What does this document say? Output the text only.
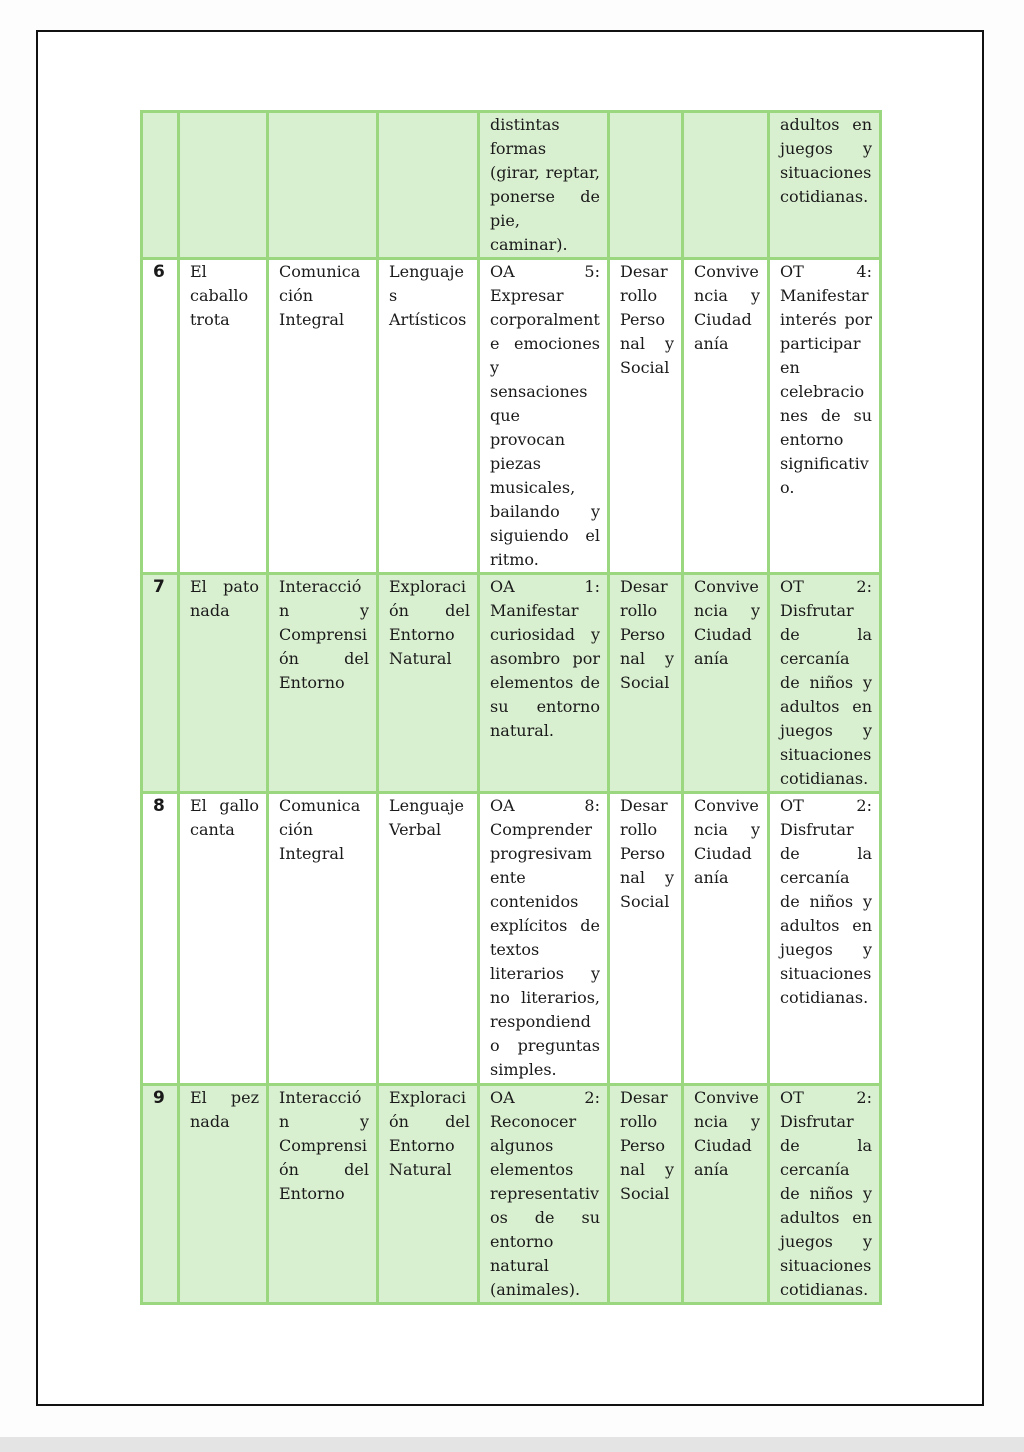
				distintas formas (girar, reptar, ponerse de pie, caminar).			adultos en juegos y situaciones cotidianas.
6	El caballo trota	Comunicación Integral	Lenguajes Artísticos	OA 5: Expresar corporalmente emociones y sensaciones que provocan piezas musicales, bailando y siguiendo el ritmo.	Desarrollo Personal y Social	Convivencia y Ciudadanía	OT 4: Manifestar interés por participar en celebraciones de su entorno significativo.
7	El pato nada	Interacción y Comprensión del Entorno	Exploración del Entorno Natural	OA 1: Manifestar curiosidad y asombro por elementos de su entorno natural.	Desarrollo Personal y Social	Convivencia y Ciudadanía	OT 2: Disfrutar de la cercanía de niños y adultos en juegos y situaciones cotidianas.
8	El gallo canta	Comunicación Integral	Lenguaje Verbal	OA 8: Comprender progresivamente contenidos explícitos de textos literarios y no literarios, respondiendo preguntas simples.	Desarrollo Personal y Social	Convivencia y Ciudadanía	OT 2: Disfrutar de la cercanía de niños y adultos en juegos y situaciones cotidianas.
9	El pez nada	Interacción y Comprensión del Entorno	Exploración del Entorno Natural	OA 2: Reconocer algunos elementos representativos de su entorno natural (animales).	Desarrollo Personal y Social	Convivencia y Ciudadanía	OT 2: Disfrutar de la cercanía de niños y adultos en juegos y situaciones cotidianas.
